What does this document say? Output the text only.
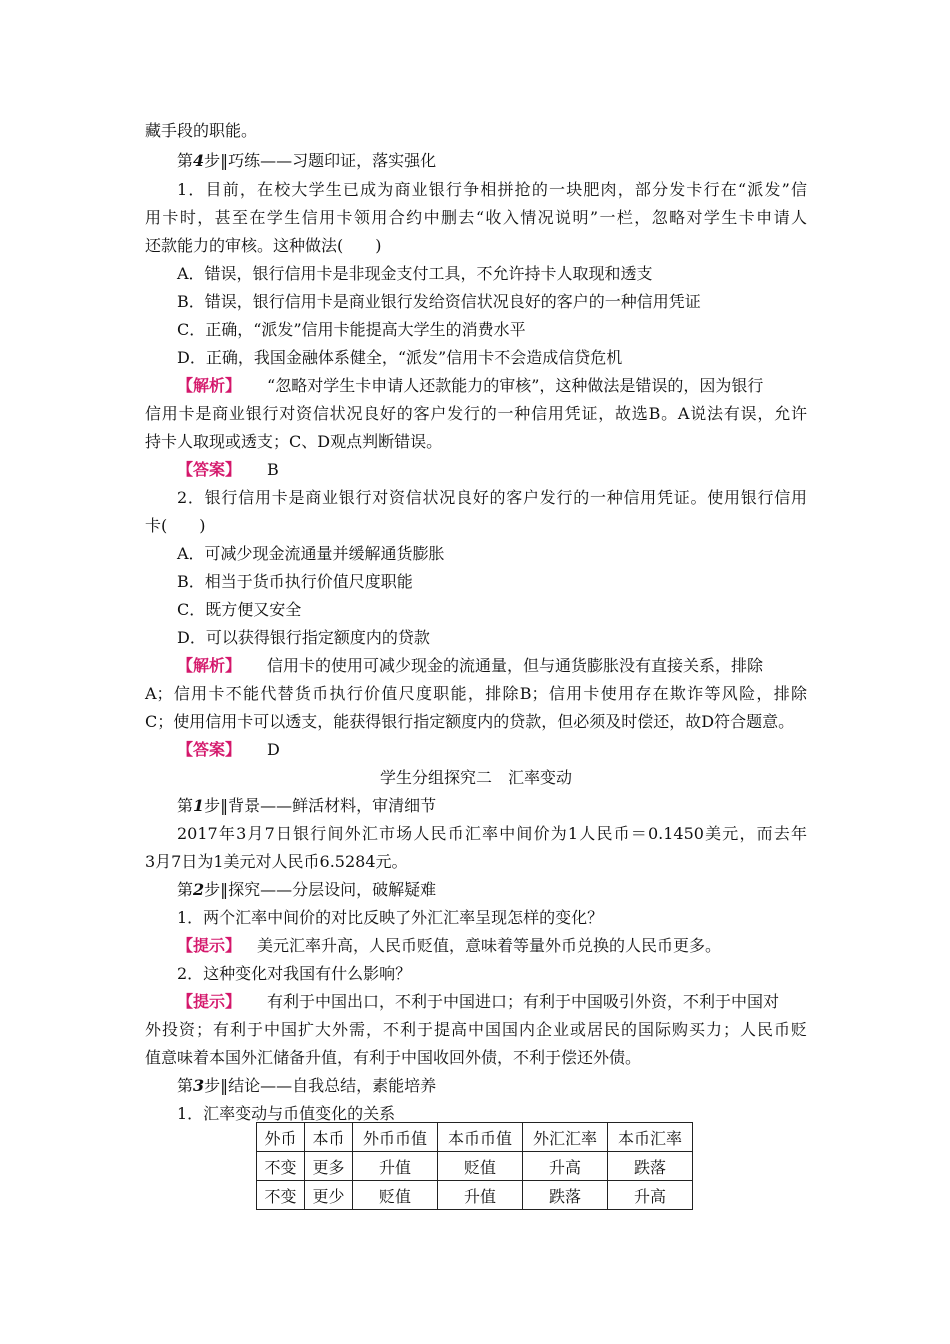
藏手段的职能。
第4步‖巧练——习题印证，落实强化
1．目前，在校大学生已成为商业银行争相拼抢的一块肥肉，部分发卡行在“派发”信
用卡时，甚至在学生信用卡领用合约中删去“收入情况说明”一栏，忽略对学生卡申请人
还款能力的审核。这种做法(　　)
A．错误，银行信用卡是非现金支付工具，不允许持卡人取现和透支
B．错误，银行信用卡是商业银行发给资信状况良好的客户的一种信用凭证
C．正确，“派发”信用卡能提高大学生的消费水平
D．正确，我国金融体系健全，“派发”信用卡不会造成信贷危机
【解析】 “忽略对学生卡申请人还款能力的审核”，这种做法是错误的，因为银行
信用卡是商业银行对资信状况良好的客户发行的一种信用凭证，故选B。A说法有误，允许
持卡人取现或透支；C、D观点判断错误。
【答案】 B
2．银行信用卡是商业银行对资信状况良好的客户发行的一种信用凭证。使用银行信用
卡(　　)
A．可减少现金流通量并缓解通货膨胀
B．相当于货币执行价值尺度职能
C．既方便又安全
D．可以获得银行指定额度内的贷款
【解析】 信用卡的使用可减少现金的流通量，但与通货膨胀没有直接关系，排除
A；信用卡不能代替货币执行价值尺度职能，排除B；信用卡使用存在欺诈等风险，排除
C；使用信用卡可以透支，能获得银行指定额度内的贷款，但必须及时偿还，故D符合题意。
【答案】 D
学生分组探究二　汇率变动
第1步‖背景——鲜活材料，审清细节
2017年3月7日银行间外汇市场人民币汇率中间价为1人民币＝0.1450美元，而去年
3月7日为1美元对人民币6.5284元。
第2步‖探究——分层设问，破解疑难
1．两个汇率中间价的对比反映了外汇汇率呈现怎样的变化？
【提示】 美元汇率升高，人民币贬值，意味着等量外币兑换的人民币更多。
2．这种变化对我国有什么影响？
【提示】 有利于中国出口，不利于中国进口；有利于中国吸引外资，不利于中国对
外投资；有利于中国扩大外需，不利于提高中国国内企业或居民的国际购买力；人民币贬
值意味着本国外汇储备升值，有利于中国收回外债，不利于偿还外债。
第3步‖结论——自我总结，素能培养
1．汇率变动与币值变化的关系
外币	本币	外币币值	本币币值	外汇汇率	本币汇率
不变	更多	升值	贬值	升高	跌落
不变	更少	贬值	升值	跌落	升高
